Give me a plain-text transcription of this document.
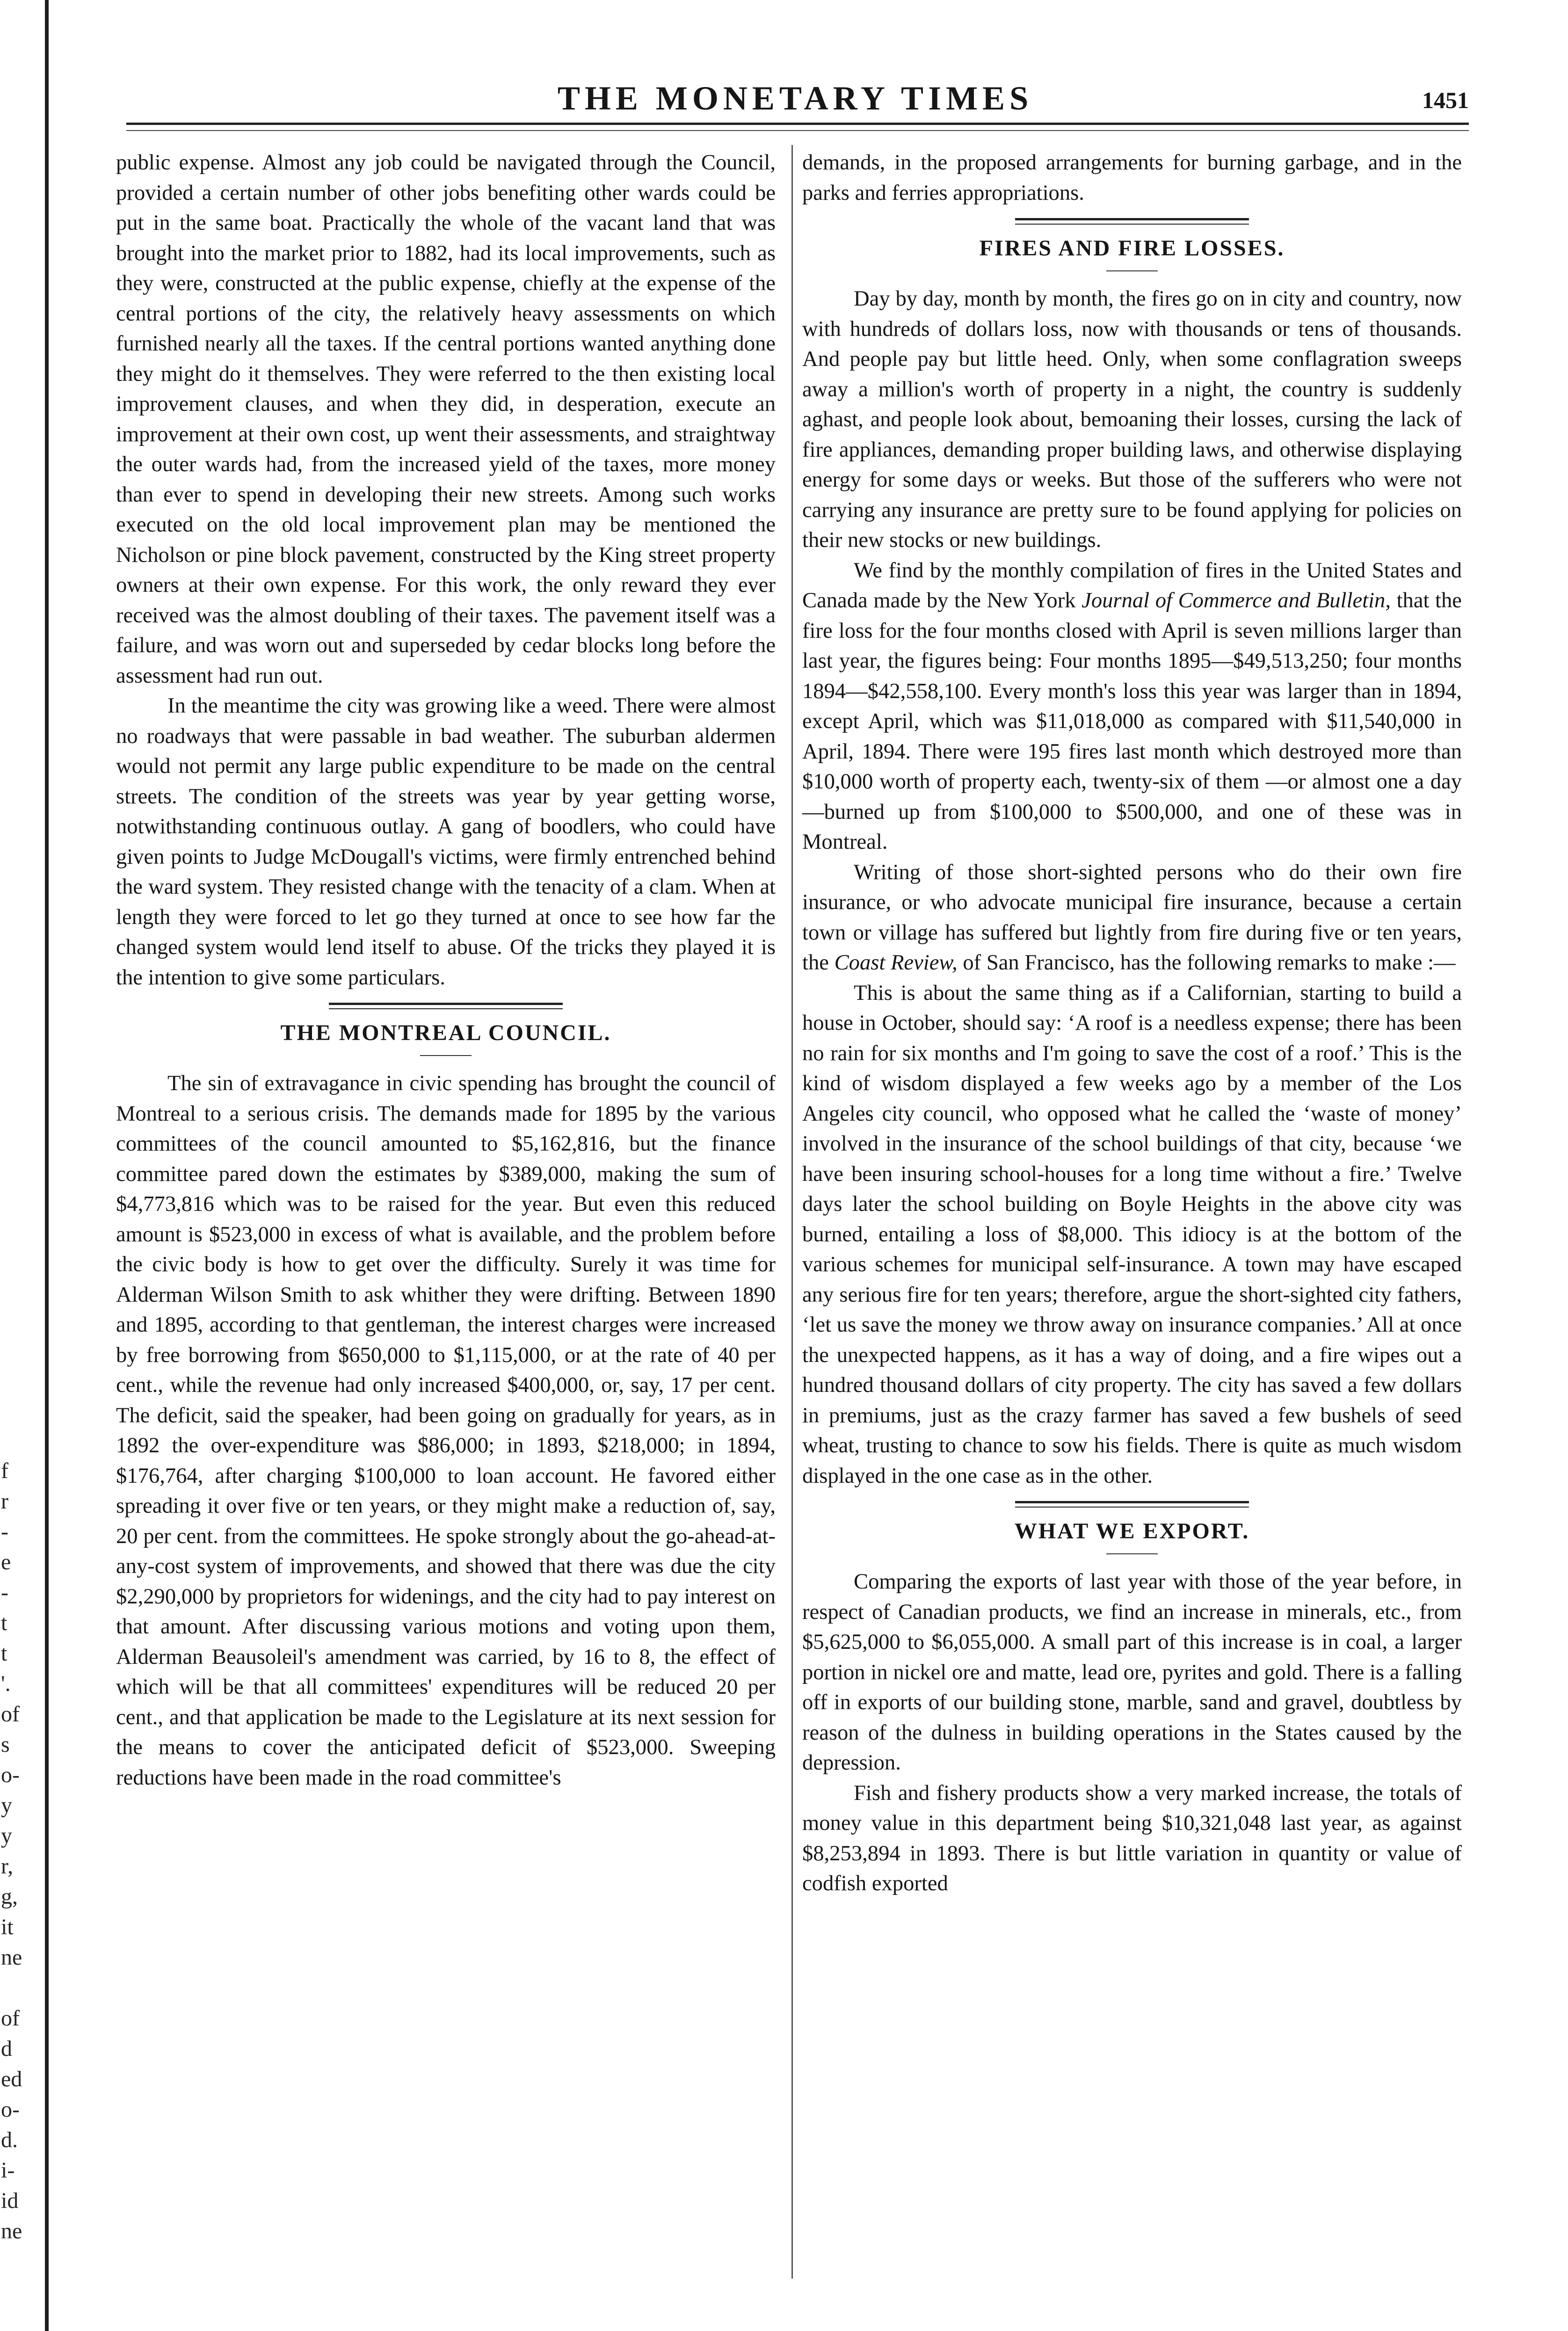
f
r
-
e
-
t
t
'.
of
s
o-
y
y
r,
g,
it
ne
of
d
ed
o-
d.
i-
id
ne
THE MONETARY TIMES	1451

public expense. Almost any job could be navigated through the Council, provided a certain number of other jobs benefiting other wards could be put in the same boat. Practically the whole of the vacant land that was brought into the market prior to 1882, had its local improvements, such as they were, constructed at the public expense, chiefly at the expense of the central portions of the city, the relatively heavy assessments on which furnished nearly all the taxes. If the central portions wanted anything done they might do it themselves. They were referred to the then existing local improvement clauses, and when they did, in desperation, execute an improvement at their own cost, up went their assessments, and straightway the outer wards had, from the increased yield of the taxes, more money than ever to spend in developing their new streets. Among such works executed on the old local improvement plan may be mentioned the Nicholson or pine block pavement, constructed by the King street property owners at their own expense. For this work, the only reward they ever received was the almost doubling of their taxes. The pavement itself was a failure, and was worn out and superseded by cedar blocks long before the assessment had run out.

In the meantime the city was growing like a weed. There were almost no roadways that were passable in bad weather. The suburban aldermen would not permit any large public expenditure to be made on the central streets. The condition of the streets was year by year getting worse, notwithstanding continuous outlay. A gang of boodlers, who could have given points to Judge McDougall's victims, were firmly entrenched behind the ward system. They resisted change with the tenacity of a clam. When at length they were forced to let go they turned at once to see how far the changed system would lend itself to abuse. Of the tricks they played it is the intention to give some particulars.

THE MONTREAL COUNCIL.

The sin of extravagance in civic spending has brought the council of Montreal to a serious crisis. The demands made for 1895 by the various committees of the council amounted to $5,162,816, but the finance committee pared down the estimates by $389,000, making the sum of $4,773,816 which was to be raised for the year. But even this reduced amount is $523,000 in excess of what is available, and the problem before the civic body is how to get over the difficulty. Surely it was time for Alderman Wilson Smith to ask whither they were drifting. Between 1890 and 1895, according to that gentleman, the interest charges were increased by free borrowing from $650,000 to $1,115,000, or at the rate of 40 per cent., while the revenue had only increased $400,000, or, say, 17 per cent. The deficit, said the speaker, had been going on gradually for years, as in 1892 the over-expenditure was $86,000; in 1893, $218,000; in 1894, $176,764, after charging $100,000 to loan account. He favored either spreading it over five or ten years, or they might make a reduction of, say, 20 per cent. from the committees. He spoke strongly about the go-ahead-at-any-cost system of improvements, and showed that there was due the city $2,290,000 by proprietors for widenings, and the city had to pay interest on that amount. After discussing various motions and voting upon them, Alderman Beausoleil's amendment was carried, by 16 to 8, the effect of which will be that all committees' expenditures will be reduced 20 per cent., and that application be made to the Legislature at its next session for the means to cover the anticipated deficit of $523,000. Sweeping reductions have been made in the road committee's

demands, in the proposed arrangements for burning garbage, and in the parks and ferries appropriations.

FIRES AND FIRE LOSSES.

Day by day, month by month, the fires go on in city and country, now with hundreds of dollars loss, now with thousands or tens of thousands. And people pay but little heed. Only, when some conflagration sweeps away a million's worth of property in a night, the country is suddenly aghast, and people look about, bemoaning their losses, cursing the lack of fire appliances, demanding proper building laws, and otherwise displaying energy for some days or weeks. But those of the sufferers who were not carrying any insurance are pretty sure to be found applying for policies on their new stocks or new buildings.

We find by the monthly compilation of fires in the United States and Canada made by the New York Journal of Commerce and Bulletin, that the fire loss for the four months closed with April is seven millions larger than last year, the figures being: Four months 1895—$49,513,250; four months 1894—$42,558,100. Every month's loss this year was larger than in 1894, except April, which was $11,018,000 as compared with $11,540,000 in April, 1894. There were 195 fires last month which destroyed more than $10,000 worth of property each, twenty-six of them —or almost one a day—burned up from $100,000 to $500,000, and one of these was in Montreal.

Writing of those short-sighted persons who do their own fire insurance, or who advocate municipal fire insurance, because a certain town or village has suffered but lightly from fire during five or ten years, the Coast Review, of San Francisco, has the following remarks to make :—

This is about the same thing as if a Californian, starting to build a house in October, should say: ‘A roof is a needless expense; there has been no rain for six months and I'm going to save the cost of a roof.’ This is the kind of wisdom displayed a few weeks ago by a member of the Los Angeles city council, who opposed what he called the ‘waste of money’ involved in the insurance of the school buildings of that city, because ‘we have been insuring school-houses for a long time without a fire.’ Twelve days later the school building on Boyle Heights in the above city was burned, entailing a loss of $8,000. This idiocy is at the bottom of the various schemes for municipal self-insurance. A town may have escaped any serious fire for ten years; therefore, argue the short-sighted city fathers, ‘let us save the money we throw away on insurance companies.’ All at once the unexpected happens, as it has a way of doing, and a fire wipes out a hundred thousand dollars of city property. The city has saved a few dollars in premiums, just as the crazy farmer has saved a few bushels of seed wheat, trusting to chance to sow his fields. There is quite as much wisdom displayed in the one case as in the other.

WHAT WE EXPORT.

Comparing the exports of last year with those of the year before, in respect of Canadian products, we find an increase in minerals, etc., from $5,625,000 to $6,055,000. A small part of this increase is in coal, a larger portion in nickel ore and matte, lead ore, pyrites and gold. There is a falling off in exports of our building stone, marble, sand and gravel, doubtless by reason of the dulness in building operations in the States caused by the depression.

Fish and fishery products show a very marked increase, the totals of money value in this department being $10,321,048 last year, as against $8,253,894 in 1893. There is but little variation in quantity or value of codfish exported
